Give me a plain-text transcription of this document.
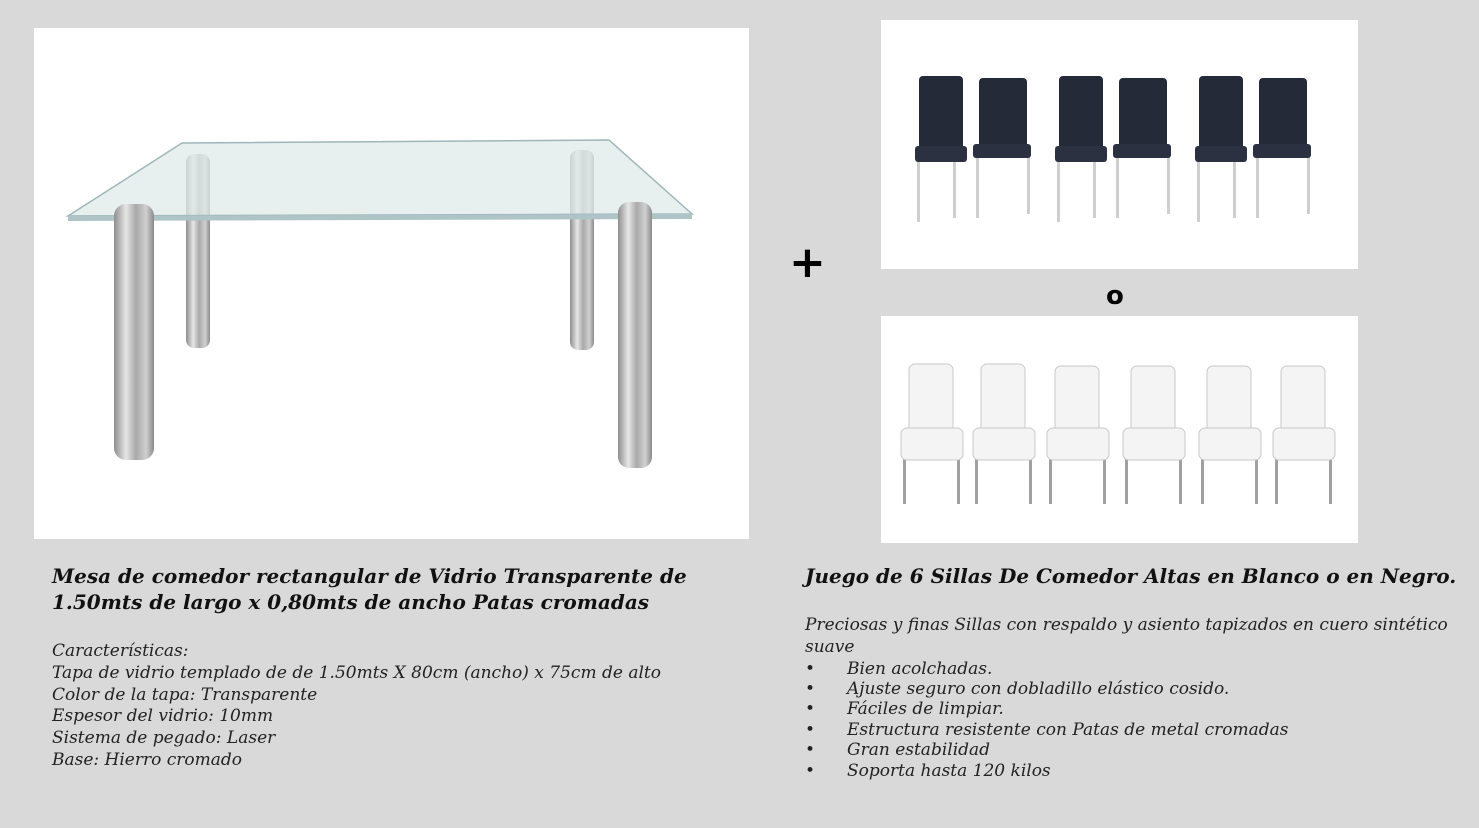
+
o
Mesa de comedor rectangular de Vidrio Transparente de 1.50mts de largo x 0,80mts de ancho Patas cromadas

Características:

Tapa de vidrio templado de de 1.50mts X 80cm (ancho) x 75cm de alto

Color de la tapa: Transparente

Espesor del vidrio: 10mm

Sistema de pegado: Laser

Base: Hierro cromado

Juego de 6 Sillas De Comedor Altas en Blanco o en Negro.

Preciosas y finas Sillas con respaldo y asiento tapizados en cuero sintético suave

• Bien acolchadas.
• Ajuste seguro con dobladillo elástico cosido.
• Fáciles de limpiar.
• Estructura resistente con Patas de metal cromadas
• Gran estabilidad
• Soporta hasta 120 kilos
